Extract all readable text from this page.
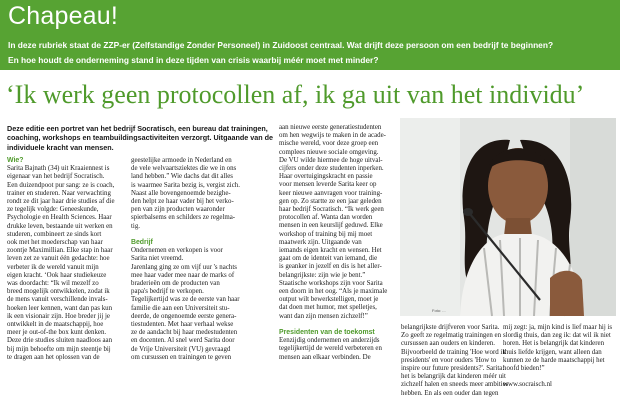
Chapeau!
In deze rubriek staat de ZZP-er (Zelfstandige Zonder Personeel) in Zuidoost centraal. Wat drijft deze persoon om een bedrijf te beginnen?
En hoe houdt de onderneming stand in deze tijden van crisis waarbij méér moet met minder?
‘Ik werk geen protocollen af, ik ga uit van het individu’
Deze editie een portret van het bedrijf Socratisch, een bureau dat trainingen, coaching, workshops en teambuildingsactiviteiten verzorgt. Uitgaande van de individuele kracht van mensen.

Wie?

Sarita Bajnath (34) uit Kraaiennest is

eigenaar van het bedrijf Socratisch.

Een duizendpoot pur sang: ze is coach,

trainer en studeren. Naar verwachting

rondt ze dit jaar haar drie studies af die

ze tegelijk volgde: Geneeskunde,

Psychologie en Health Sciences. Haar

drukke leven, bestaande uit werken en

studeren, combineert ze sinds kort

ook met het moederschap van haar

zoontje Maximillian. Elke stap in haar

leven zet ze vanuit één gedachte: hoe

verbeter ik de wereld vanuit mijn

eigen kracht. ‘Ook haar studiekeuze

was doordacht: “Ik wil mezelf zo

breed mogelijk ontwikkelen, zodat ik

de mens vanuit verschillende invals-

hoeken leer kennen, want dan pas kun

ik een visionair zijn. Hoe breder jij je

ontwikkelt in de maatschappij, hoe

meer je out-of-the box kunt denken.

Deze drie studies sluiten naadloos aan

bij mijn behoefte om mijn steentje bij

te dragen aan het oplossen van de

geestelijke armoede in Nederland en

de vele welvaartsziektes die we in ons

land hebben.” Wie dachs dat dit alles

is waarmee Sarita bezig is, vergist zich.

Naast alle bovengenoemde bezighe-

den helpt ze haar vader bij het verko-

pen van zijn producten waaronder

spierbalsems en schilders ze regelma-

tig.

Bedrijf

Ondernemen en verkopen is voor

Sarita niet vreemd.

Jarenlang ging ze om vijf uur 's nachts

mee haar vader mee naar de marks of

braderieën om de producten van

papa's bedrijf te verkopen.

Tegelijkertijd was ze de eerste van haar

familie die aan een Universiteit stu-

deerde, de ongenoemde eerste genera-

tiestudenten. Met haar verhaal wekse

ze de aandacht bij haar medestudenten

en docenten. Al snel werd Sarita door

de Vrije Universiteit (VU) gevraagd

om cursussen en trainingen te geven

aan nieuwe eerste generatiestudenten

om hen wegwijs te maken in de acade-

mische wereld, voor deze groep een

complees nieuwe sociale omgeving.

De VU wilde hiermee de hoge uitval-

cijfers onder deze studenten inperken.

Haar overtuigingskracht en passie

voor mensen leverde Sarita keer op

keer nieuwe aanvragen voor training-

gen op. Zo startte ze een jaar geleden

haar bedrijf Socratisch. “Ik werk geen

protocollen af. Wanta dan worden

mensen in een keurslijf geduwd. Elke

workshop of training bij mij moet

maatwerk zijn. Uitgaande van

iemands eigen kracht en wensen. Het

gaat om de identeit van iemand, die

is geanker in jezelf en dis is het aller-

belangrijkste: zijn wie je bent.”

Staatische workshops zijn voor Sarita

een doorn in het oog. “Als je maximale

output wilt bewerkstelligen, moet je

dat doen met humor, met spelletjes,

want dan zijn mensen zichzelf!”

Presidenten van de toekomst

Eenzijdig ondernemen en anderzijds

tegelijkertijd de wereld verbeteren en

mensen aan elkaar verbinden. De

Foto: ...

belangrijkste drijfveren voor Sarita.

Zo geeft ze regelmatig trainingen en

cursussen aan ouders en kinderen.

Bijvoorbeeld de training 'Hoe word ik

presidents' en voor ouders 'How to

inspire our future presidents?'. Sarita:

het is belangrijk dat kinderen méér uit

zichzelf halen en sneeds meer ambities

hebben. En als een ouder dan tegen

mij zegt: ja, mijn kind is lief maar hij is

slordig thuis, dan zeg ik: dat wil ik niet

horen. Het is belangrijk dat kinderen

thuis liefde krijgen, want alleen dan

kunnen ze de harde maatschappij het

hoofd bieden!”

www.socraisch.nl
